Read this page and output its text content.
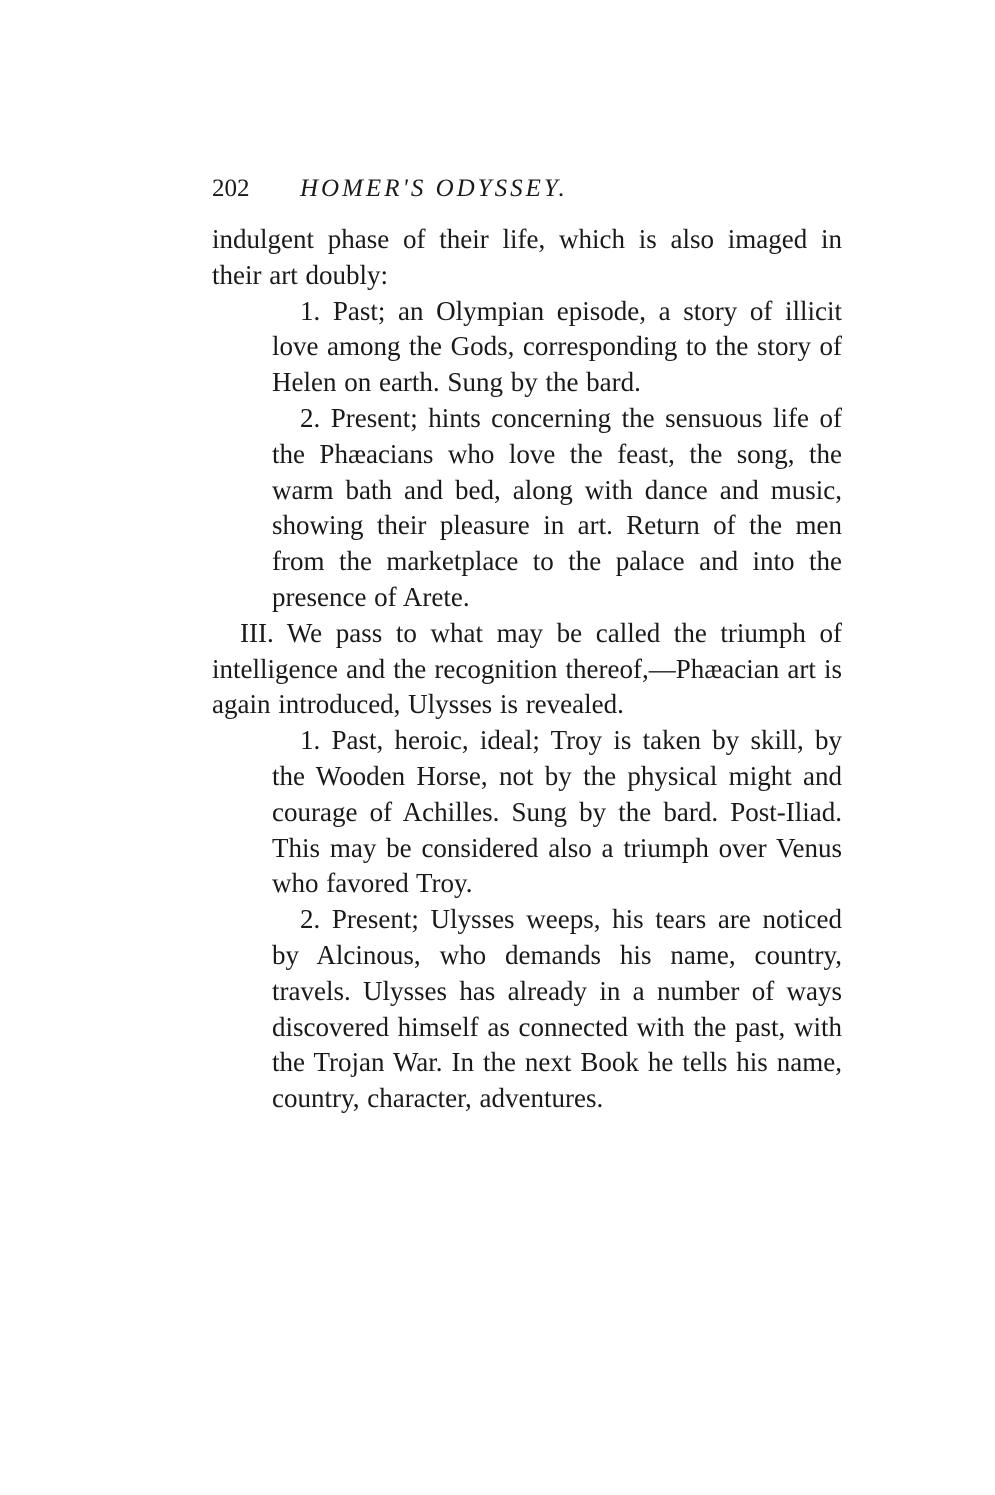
202 HOMER'S ODYSSEY.

indulgent phase of their life, which is also imaged in their art doubly:

1. Past; an Olympian episode, a story of illicit love among the Gods, corresponding to the story of Helen on earth. Sung by the bard.

2. Present; hints concerning the sensuous life of the Phæacians who love the feast, the song, the warm bath and bed, along with dance and music, showing their pleasure in art. Return of the men from the marketplace to the palace and into the presence of Arete.

III. We pass to what may be called the triumph of intelligence and the recognition thereof,—Phæacian art is again introduced, Ulysses is revealed.

1. Past, heroic, ideal; Troy is taken by skill, by the Wooden Horse, not by the physical might and courage of Achilles. Sung by the bard. Post-Iliad. This may be considered also a triumph over Venus who favored Troy.

2. Present; Ulysses weeps, his tears are noticed by Alcinous, who demands his name, country, travels. Ulysses has already in a number of ways discovered himself as connected with the past, with the Trojan War. In the next Book he tells his name, country, character, adventures.
